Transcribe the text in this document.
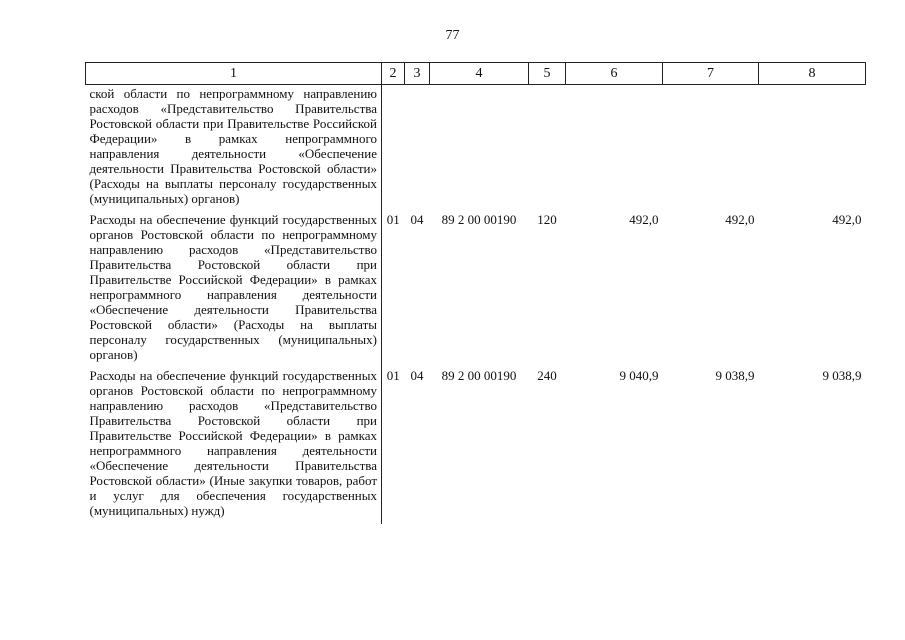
77
1	2	3	4	5	6	7	8
ской области по непрограммному направлению расходов «Представительство Правительства Ростовской области при Правительстве Российской Федерации» в рамках непрограммного направления деятельности «Обеспечение деятельности Правительства Ростовской области» (Расходы на выплаты персоналу государственных (муниципальных) органов)							
Расходы на обеспечение функций государственных органов Ростовской области по непрограммному направлению расходов «Представительство Правительства Ростовской области при Правительстве Российской Федерации» в рамках непрограммного направления деятельности «Обеспечение деятельности Правительства Ростовской области» (Расходы на выплаты персоналу государственных (муниципальных) органов)	01	04	89 2 00 00190	120	492,0	492,0	492,0
Расходы на обеспечение функций государственных органов Ростовской области по непрограммному направлению расходов «Представительство Правительства Ростовской области при Правительстве Российской Федерации» в рамках непрограммного направления деятельности «Обеспечение деятельности Правительства Ростовской области» (Иные закупки товаров, работ и услуг для обеспечения государственных (муниципальных) нужд)	01	04	89 2 00 00190	240	9 040,9	9 038,9	9 038,9
